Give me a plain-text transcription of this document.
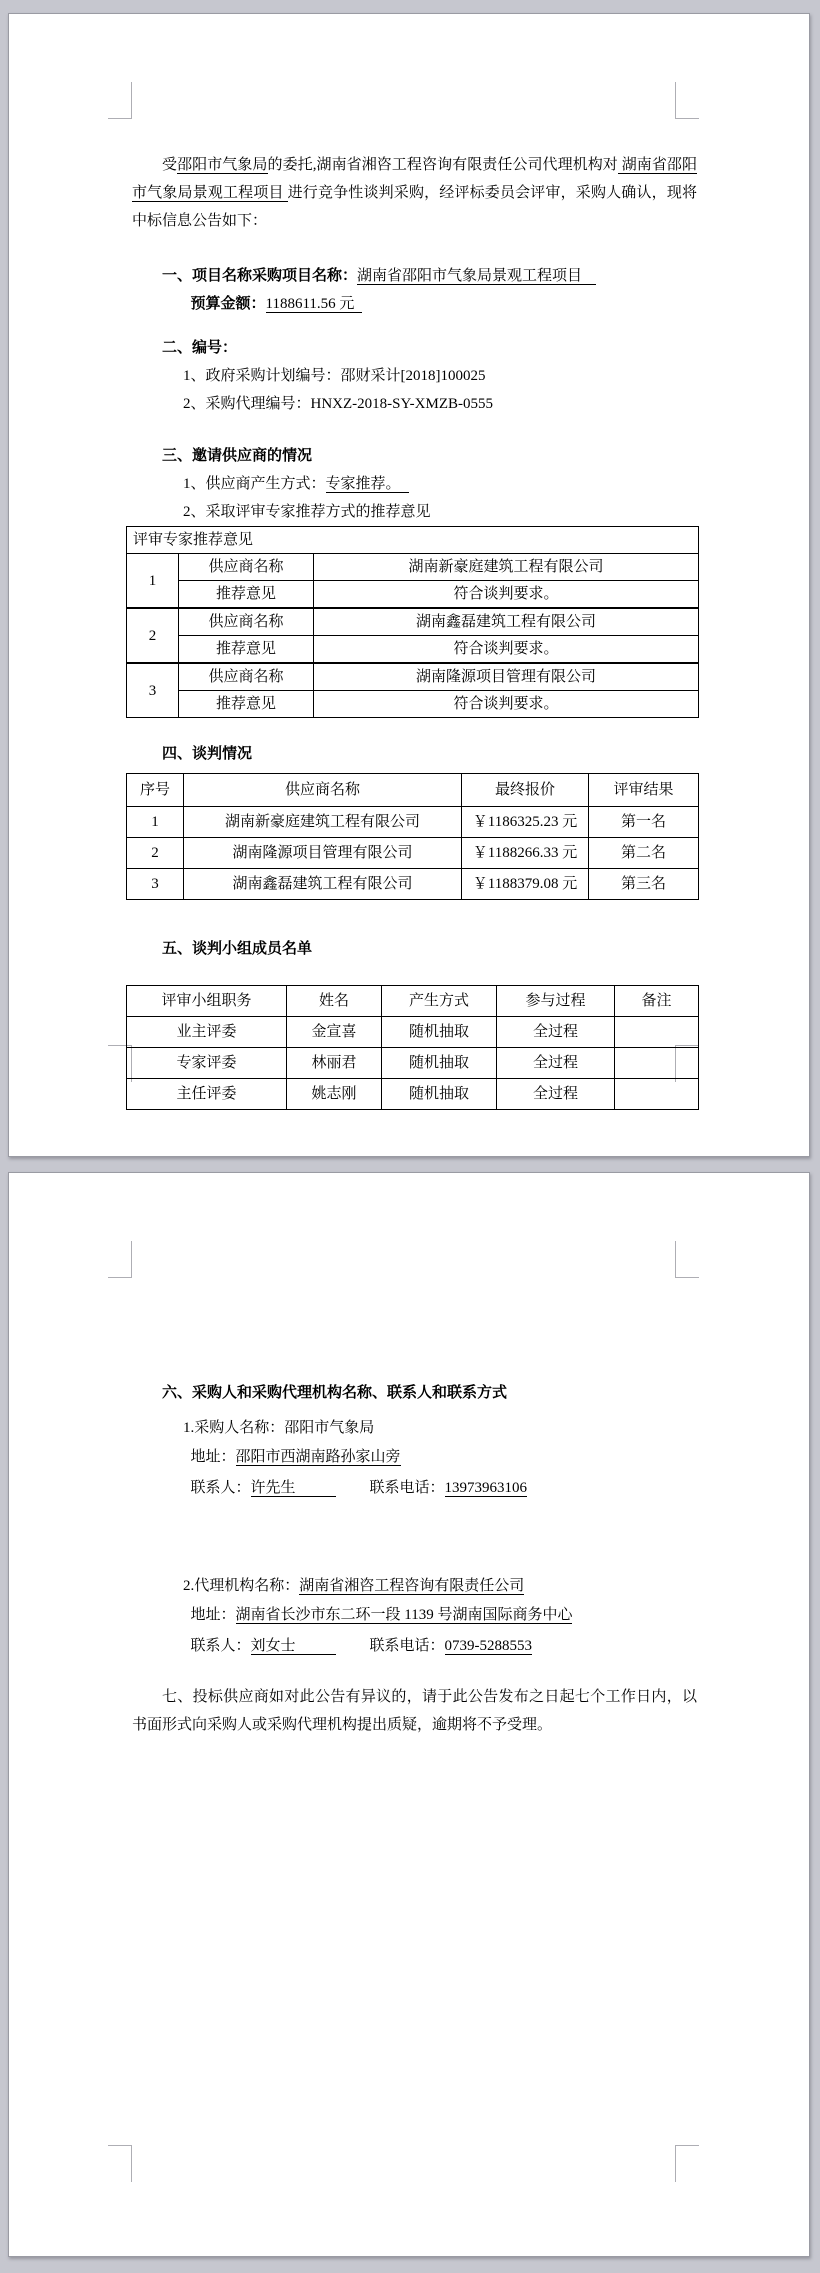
受邵阳市气象局的委托,湖南省湘咨工程咨询有限责任公司代理机构对 湖南省邵阳市气象局景观工程项目 进行竞争性谈判采购，经评标委员会评审，采购人确认，现将中标信息公告如下：

一、项目名称采购项目名称：湖南省邵阳市气象局景观工程项目

预算金额：1188611.56 元

二、编号：

1、政府采购计划编号：邵财采计[2018]100025

2、采购代理编号：HNXZ-2018-SY-XMZB-0555

三、邀请供应商的情况

1、供应商产生方式：专家推荐。

2、采取评审专家推荐方式的推荐意见

评审专家推荐意见		
1	供应商名称	湖南新豪庭建筑工程有限公司
	推荐意见	符合谈判要求。
2	供应商名称	湖南鑫磊建筑工程有限公司
	推荐意见	符合谈判要求。
3	供应商名称	湖南隆源项目管理有限公司
	推荐意见	符合谈判要求。

四、谈判情况

序号	供应商名称	最终报价	评审结果
1	湖南新豪庭建筑工程有限公司	￥1186325.23 元	第一名
2	湖南隆源项目管理有限公司	￥1188266.33 元	第二名
3	湖南鑫磊建筑工程有限公司	￥1188379.08 元	第三名

五、谈判小组成员名单

评审小组职务	姓名	产生方式	参与过程	备注
业主评委	金宣喜	随机抽取	全过程	
专家评委	林丽君	随机抽取	全过程	
主任评委	姚志刚	随机抽取	全过程	

六、采购人和采购代理机构名称、联系人和联系方式

1.采购人名称：邵阳市气象局

地址：邵阳市西湖南路孙家山旁

联系人：许先生	联系电话：13973963106

2.代理机构名称：湖南省湘咨工程咨询有限责任公司

地址：湖南省长沙市东二环一段 1139 号湖南国际商务中心

联系人：刘女士	联系电话：0739-5288553

七、投标供应商如对此公告有异议的，请于此公告发布之日起七个工作日内，以书面形式向采购人或采购代理机构提出质疑，逾期将不予受理。
